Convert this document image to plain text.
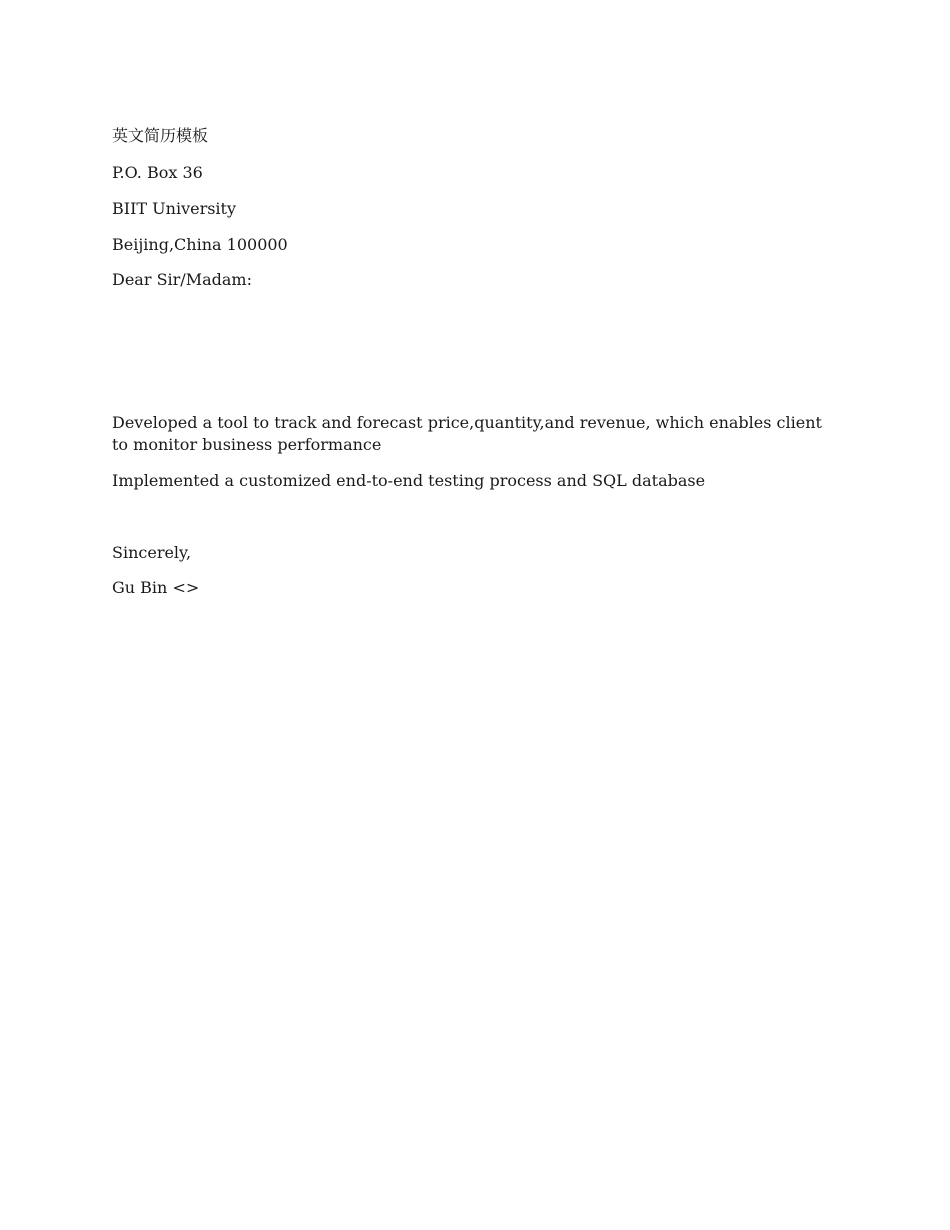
英文简历模板

P.O. Box 36

BIIT University

Beijing,China 100000

Dear Sir/Madam:

Developed a tool to track and forecast price,quantity,and revenue, which enables client to monitor business performance

Implemented a customized end-to-end testing process and SQL database

Sincerely,

Gu Bin <>
